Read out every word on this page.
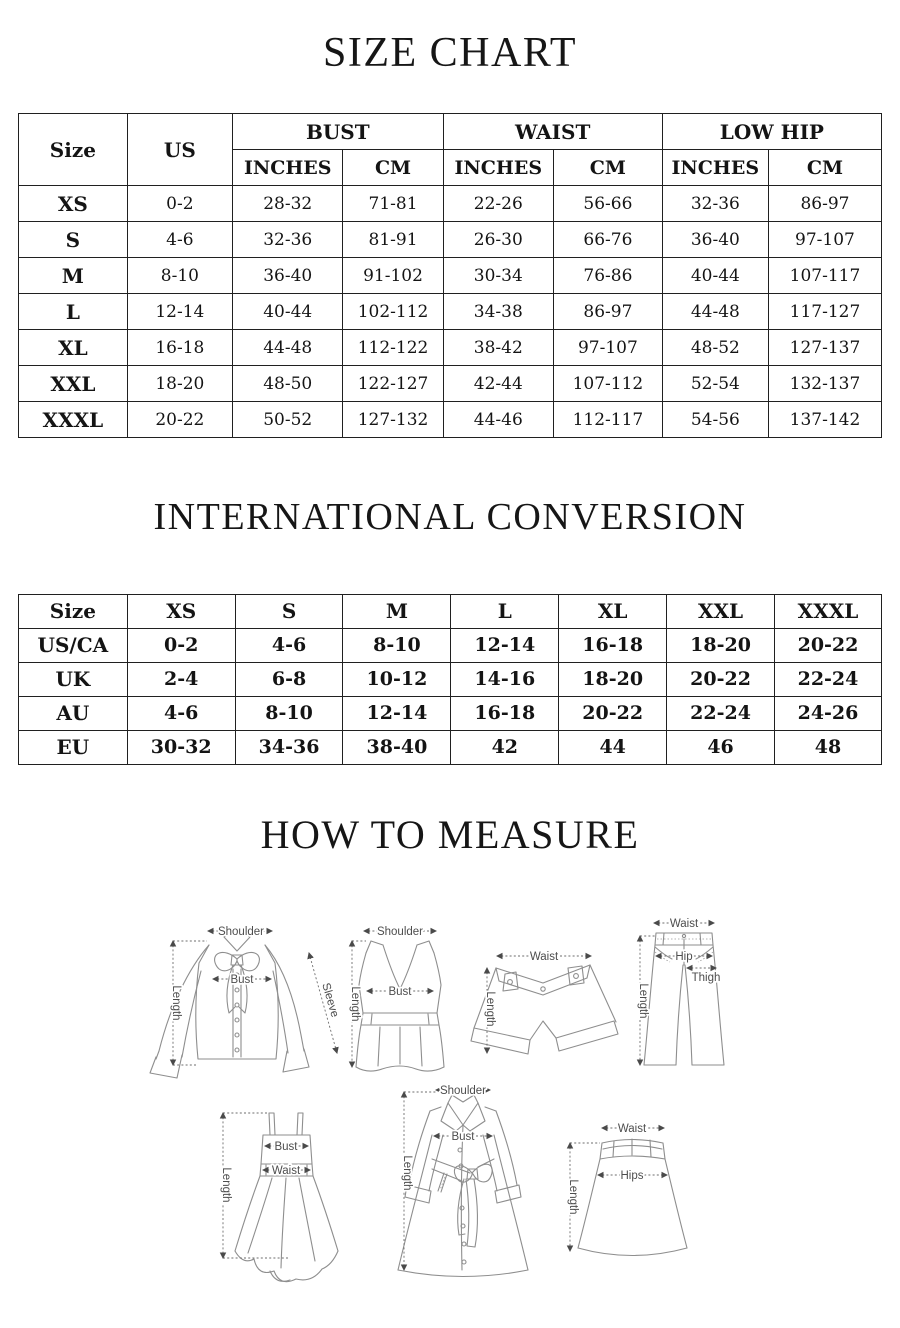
SIZE CHART
Size	US	BUST		WAIST		LOW HIP	
		INCHES	CM	INCHES	CM	INCHES	CM
XS	0-2	28-32	71-81	22-26	56-66	32-36	86-97
S	4-6	32-36	81-91	26-30	66-76	36-40	97-107
M	8-10	36-40	91-102	30-34	76-86	40-44	107-117
L	12-14	40-44	102-112	34-38	86-97	44-48	117-127
XL	16-18	44-48	112-122	38-42	97-107	48-52	127-137
XXL	18-20	48-50	122-127	42-44	107-112	52-54	132-137
XXXL	20-22	50-52	127-132	44-46	112-117	54-56	137-142
INTERNATIONAL CONVERSION
Size	XS	S	M	L	XL	XXL	XXXL
US/CA	0-2	4-6	8-10	12-14	16-18	18-20	20-22
UK	2-4	6-8	10-12	14-16	18-20	20-22	22-24
AU	4-6	8-10	12-14	16-18	20-22	22-24	24-26
EU	30-32	34-36	38-40	42	44	46	48
HOW TO MEASURE
Shoulder
Bust
Length	Sleeve
Shoulder
Bust
Length
Waist
Length
Waist
Hip
Thigh
Length
Bust
Waist
Length
Shoulder
Bust
Length
Waist
Hips
Length
